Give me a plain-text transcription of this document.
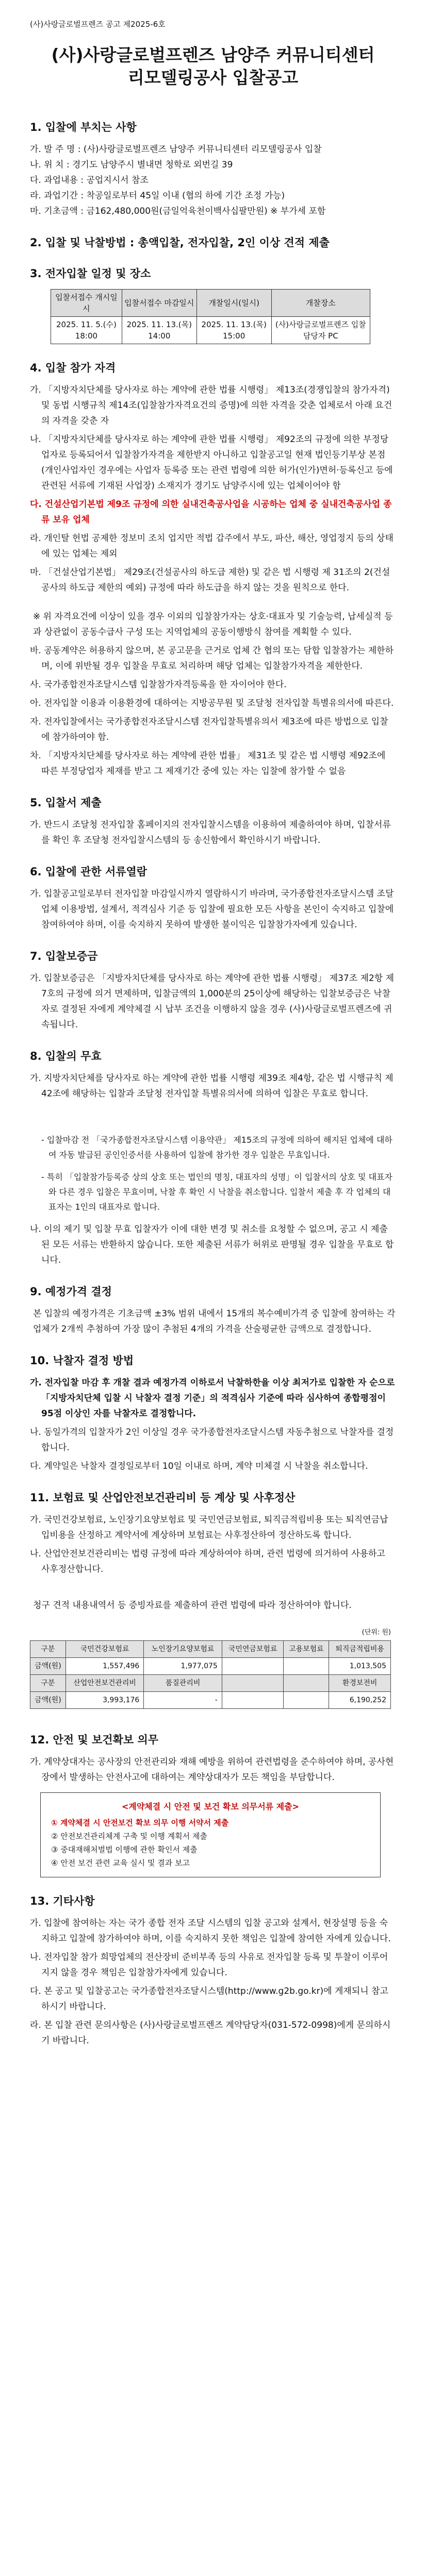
(사)사랑글로벌프렌즈 공고 제2025-6호

(사)사랑글로벌프렌즈 남양주 커뮤니티센터
리모델링공사 입찰공고
1. 입찰에 부치는 사항

가. 발 주 명 : (사)사랑글로벌프렌즈 남양주 커뮤니티센터 리모델링공사 입찰

나. 위 치 : 경기도 남양주시 별내면 청학로 외번길 39

다. 과업내용 : 공업지시서 참조

라. 과업기간 : 착공일로부터 45일 이내 (협의 하에 기간 조정 가능)

마. 기초금액 : 금162,480,000원(금일억육천이백사십팔만원) ※ 부가세 포함

2. 입찰 및 낙찰방법 : 총액입찰, 전자입찰, 2인 이상 견적 제출
3. 전자입찰 일정 및 장소
입찰서접수 개시일시	입찰서접수 마감일시	개찰일시(일시)	개찰장소
2025. 11. 5.(수) 18:00	2025. 11. 13.(목) 14:00	2025. 11. 13.(목) 15:00	(사)사랑글로벌프렌즈 입찰담당자 PC
4. 입찰 참가 자격

가. 「지방자치단체를 당사자로 하는 계약에 관한 법률 시행령」 제13조(경쟁입찰의 참가자격) 및 동법 시행규칙 제14조(입찰참가자격요건의 증명)에 의한 자격을 갖춘 업체로서 아래 요건의 자격을 갖춘 자

나. 「지방자치단체를 당사자로 하는 계약에 관한 법률 시행령」 제92조의 규정에 의한 부정당업자로 등록되어서 입찰참가자격을 제한받지 아니하고 입찰공고일 현재 법인등기부상 본점(개인사업자인 경우에는 사업자 등록증 또는 관련 법령에 의한 허가(인가)면허·등록신고 등에 관련된 서류에 기재된 사업장) 소재지가 경기도 남양주시에 있는 업체이어야 함

다. 건설산업기본법 제9조 규정에 의한 실내건축공사업을 시공하는 업체 중 실내건축공사업 종류 보유 업체

라. 개인탈 헌법 공제한 정보미 조치 업지만 적법 갑주에서 부도, 파산, 해산, 영업정지 등의 상태에 있는 업체는 제외

마. 「건설산업기본법」 제29조(건설공사의 하도급 제한) 및 같은 법 시행령 제 31조의 2(건설공사의 하도급 제한의 예외) 규정에 따라 하도급을 하지 않는 것을 원칙으로 한다.

※ 위 자격요건에 이상이 있을 경우 이외의 입찰참가자는 상호·대표자 및 기술능력, 납세실적 등과 상관없이 공동수급사 구성 또는 지역업체의 공동이행방식 참여를 계획할 수 있다.

바. 공동계약은 허용하지 않으며, 본 공고문을 근거로 업체 간 협의 또는 담합 입찰참가는 제한하며, 이에 위반될 경우 입찰을 무효로 처리하며 해당 업체는 입찰참가자격을 제한한다.

사. 국가종합전자조달시스템 입찰참가자격등록을 한 자이어야 한다.

아. 전자입찰 이용과 이용환경에 대하여는 지방공무원 및 조달청 전자입찰 특별유의서에 따른다.

자. 전자입찰에서는 국가종합전자조달시스템 전자입찰특별유의서 제3조에 따른 방법으로 입찰에 참가하여야 함.

차. 「지방자치단체를 당사자로 하는 계약에 관한 법률」 제31조 및 같은 법 시행령 제92조에 따른 부정당업자 제재를 받고 그 제재기간 중에 있는 자는 입찰에 참가할 수 없음

5. 입찰서 제출

가. 반드시 조달청 전자입찰 홈페이지의 전자입찰시스템을 이용하여 제출하여야 하며, 입찰서류를 확인 후 조달청 전자입찰시스템의 등 송신함에서 확인하시기 바랍니다.

6. 입찰에 관한 서류열람

가. 입찰공고일로부터 전자입찰 마감일시까지 열람하시기 바라며, 국가종합전자조달시스템 조달업체 이용방법, 설계서, 적격심사 기준 등 입찰에 필요한 모든 사항을 본인이 숙지하고 입찰에 참여하여야 하며, 이를 숙지하지 못하여 발생한 불이익은 입찰참가자에게 있습니다.

7. 입찰보증금

가. 입찰보증금은 「지방자치단체를 당사자로 하는 계약에 관한 법률 시행령」 제37조 제2항 제7호의 규정에 의거 면제하며, 입찰금액의 1,000분의 25이상에 해당하는 입찰보증금은 낙찰자로 결정된 자에게 계약체결 시 납부 조건을 이행하지 않을 경우 (사)사랑글로벌프렌즈에 귀속됩니다.

8. 입찰의 무효

가. 지방자치단체를 당사자로 하는 계약에 관한 법률 시행령 제39조 제4항, 같은 법 시행규칙 제42조에 해당하는 입찰과 조달청 전자입찰 특별유의서에 의하여 입찰은 무효로 합니다.

- 입찰마감 전 「국가종합전자조달시스템 이용약관」 제15조의 규정에 의하여 해지된 업체에 대하여 자동 발급된 공인인증서를 사용하여 입찰에 참가한 경우 입찰은 무효입니다.

- 특히 「입찰참가등록증 상의 상호 또는 법인의 명칭, 대표자의 성명」이 입찰서의 상호 및 대표자와 다른 경우 입찰은 무효이며, 낙찰 후 확인 시 낙찰을 취소합니다. 입찰서 제출 후 각 업체의 대표자는 1인의 대표자로 합니다.

나. 이의 제기 및 입찰 무효 입찰자가 이에 대한 변경 및 취소를 요청할 수 없으며, 공고 시 제출된 모든 서류는 반환하지 않습니다. 또한 제출된 서류가 허위로 판명될 경우 입찰을 무효로 합니다.

9. 예정가격 결정

본 입찰의 예정가격은 기초금액 ±3% 범위 내에서 15개의 복수예비가격 중 입찰에 참여하는 각 업체가 2개씩 추첨하여 가장 많이 추첨된 4개의 가격을 산술평균한 금액으로 결정합니다.

10. 낙찰자 결정 방법

가. 전자입찰 마감 후 개찰 결과 예정가격 이하로서 낙찰하한율 이상 최저가로 입찰한 자 순으로 「지방자치단체 입찰 시 낙찰자 결정 기준」의 적격심사 기준에 따라 심사하여 종합평점이 95점 이상인 자를 낙찰자로 결정합니다.

나. 동일가격의 입찰자가 2인 이상일 경우 국가종합전자조달시스템 자동추첨으로 낙찰자를 결정합니다.

다. 계약일은 낙찰자 결정일로부터 10일 이내로 하며, 계약 미체결 시 낙찰을 취소합니다.

11. 보험료 및 산업안전보건관리비 등 계상 및 사후정산

가. 국민건강보험료, 노인장기요양보험료 및 국민연금보험료, 퇴직금적립비용 또는 퇴직연금납입비용을 산정하고 계약서에 계상하며 보험료는 사후정산하여 정산하도록 합니다.

나. 산업안전보건관리비는 법령 규정에 따라 계상하여야 하며, 관련 법령에 의거하여 사용하고 사후정산합니다.

청구 견적 내용내역서 등 증빙자료를 제출하여 관련 법령에 따라 정산하여야 합니다.

(단위: 원)
구분	국민건강보험료	노인장기요양보험료	국민연금보험료	고용보험료	퇴직금적립비용
금액(원)	1,557,496	1,977,075			1,013,505
구분	산업안전보건관리비	품질관리비			환경보전비
금액(원)	3,993,176	-			6,190,252
12. 안전 및 보건확보 의무

가. 계약상대자는 공사장의 안전관리와 재해 예방을 위하여 관련법령을 준수하여야 하며, 공사현장에서 발생하는 안전사고에 대하여는 계약상대자가 모든 책임을 부담합니다.

<계약체결 시 안전 및 보건 확보 의무서류 제출>

① 계약체결 시 안전보건 확보 의무 이행 서약서 제출

② 안전보건관리체계 구축 및 이행 계획서 제출

③ 중대재해처벌법 이행에 관한 확인서 제출

④ 안전 보건 관련 교육 실시 및 결과 보고

13. 기타사항

가. 입찰에 참여하는 자는 국가 종합 전자 조달 시스템의 입찰 공고와 설계서, 현장설명 등을 숙지하고 입찰에 참가하여야 하며, 이를 숙지하지 못한 책임은 입찰에 참여한 자에게 있습니다.

나. 전자입찰 참가 희망업체의 전산장비 준비부족 등의 사유로 전자입찰 등록 및 투찰이 이루어지지 않을 경우 책임은 입찰참가자에게 있습니다.

다. 본 공고 및 입찰공고는 국가종합전자조달시스템(http://www.g2b.go.kr)에 게재되니 참고하시기 바랍니다.

라. 본 입찰 관련 문의사항은 (사)사랑글로벌프렌즈 계약담당자(031-572-0998)에게 문의하시기 바랍니다.
